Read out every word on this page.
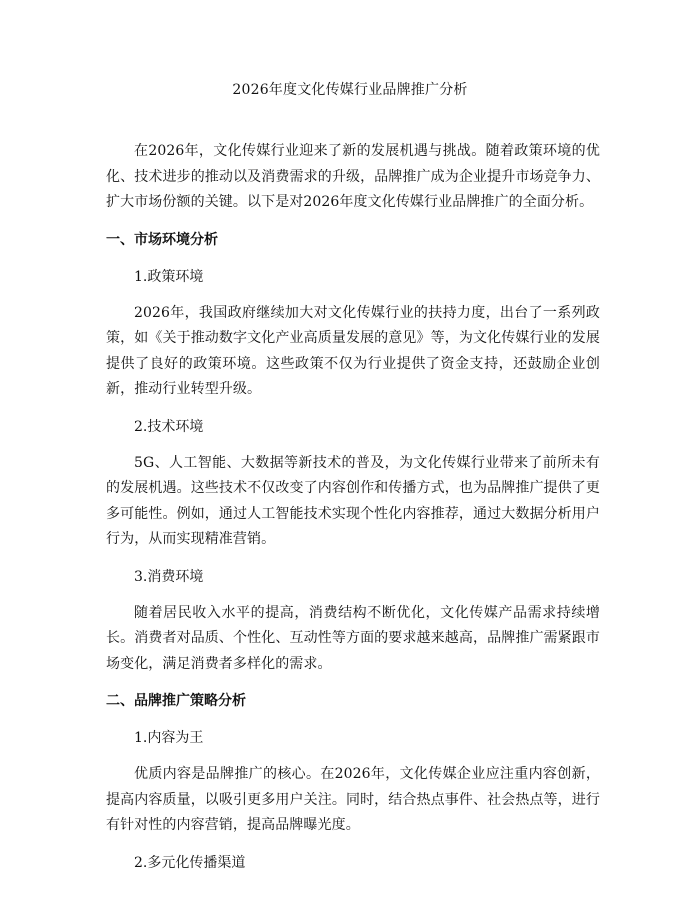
2026年度文化传媒行业品牌推广分析

在2026年，文化传媒行业迎来了新的发展机遇与挑战。随着政策环境的优化、技术进步的推动以及消费需求的升级，品牌推广成为企业提升市场竞争力、扩大市场份额的关键。以下是对2026年度文化传媒行业品牌推广的全面分析。

一、市场环境分析
1.政策环境

2026年，我国政府继续加大对文化传媒行业的扶持力度，出台了一系列政策，如《关于推动数字文化产业高质量发展的意见》等，为文化传媒行业的发展提供了良好的政策环境。这些政策不仅为行业提供了资金支持，还鼓励企业创新，推动行业转型升级。

2.技术环境

5G、人工智能、大数据等新技术的普及，为文化传媒行业带来了前所未有的发展机遇。这些技术不仅改变了内容创作和传播方式，也为品牌推广提供了更多可能性。例如，通过人工智能技术实现个性化内容推荐，通过大数据分析用户行为，从而实现精准营销。

3.消费环境

随着居民收入水平的提高，消费结构不断优化，文化传媒产品需求持续增长。消费者对品质、个性化、互动性等方面的要求越来越高，品牌推广需紧跟市场变化，满足消费者多样化的需求。

二、品牌推广策略分析
1.内容为王

优质内容是品牌推广的核心。在2026年，文化传媒企业应注重内容创新，提高内容质量，以吸引更多用户关注。同时，结合热点事件、社会热点等，进行有针对性的内容营销，提高品牌曝光度。

2.多元化传播渠道
